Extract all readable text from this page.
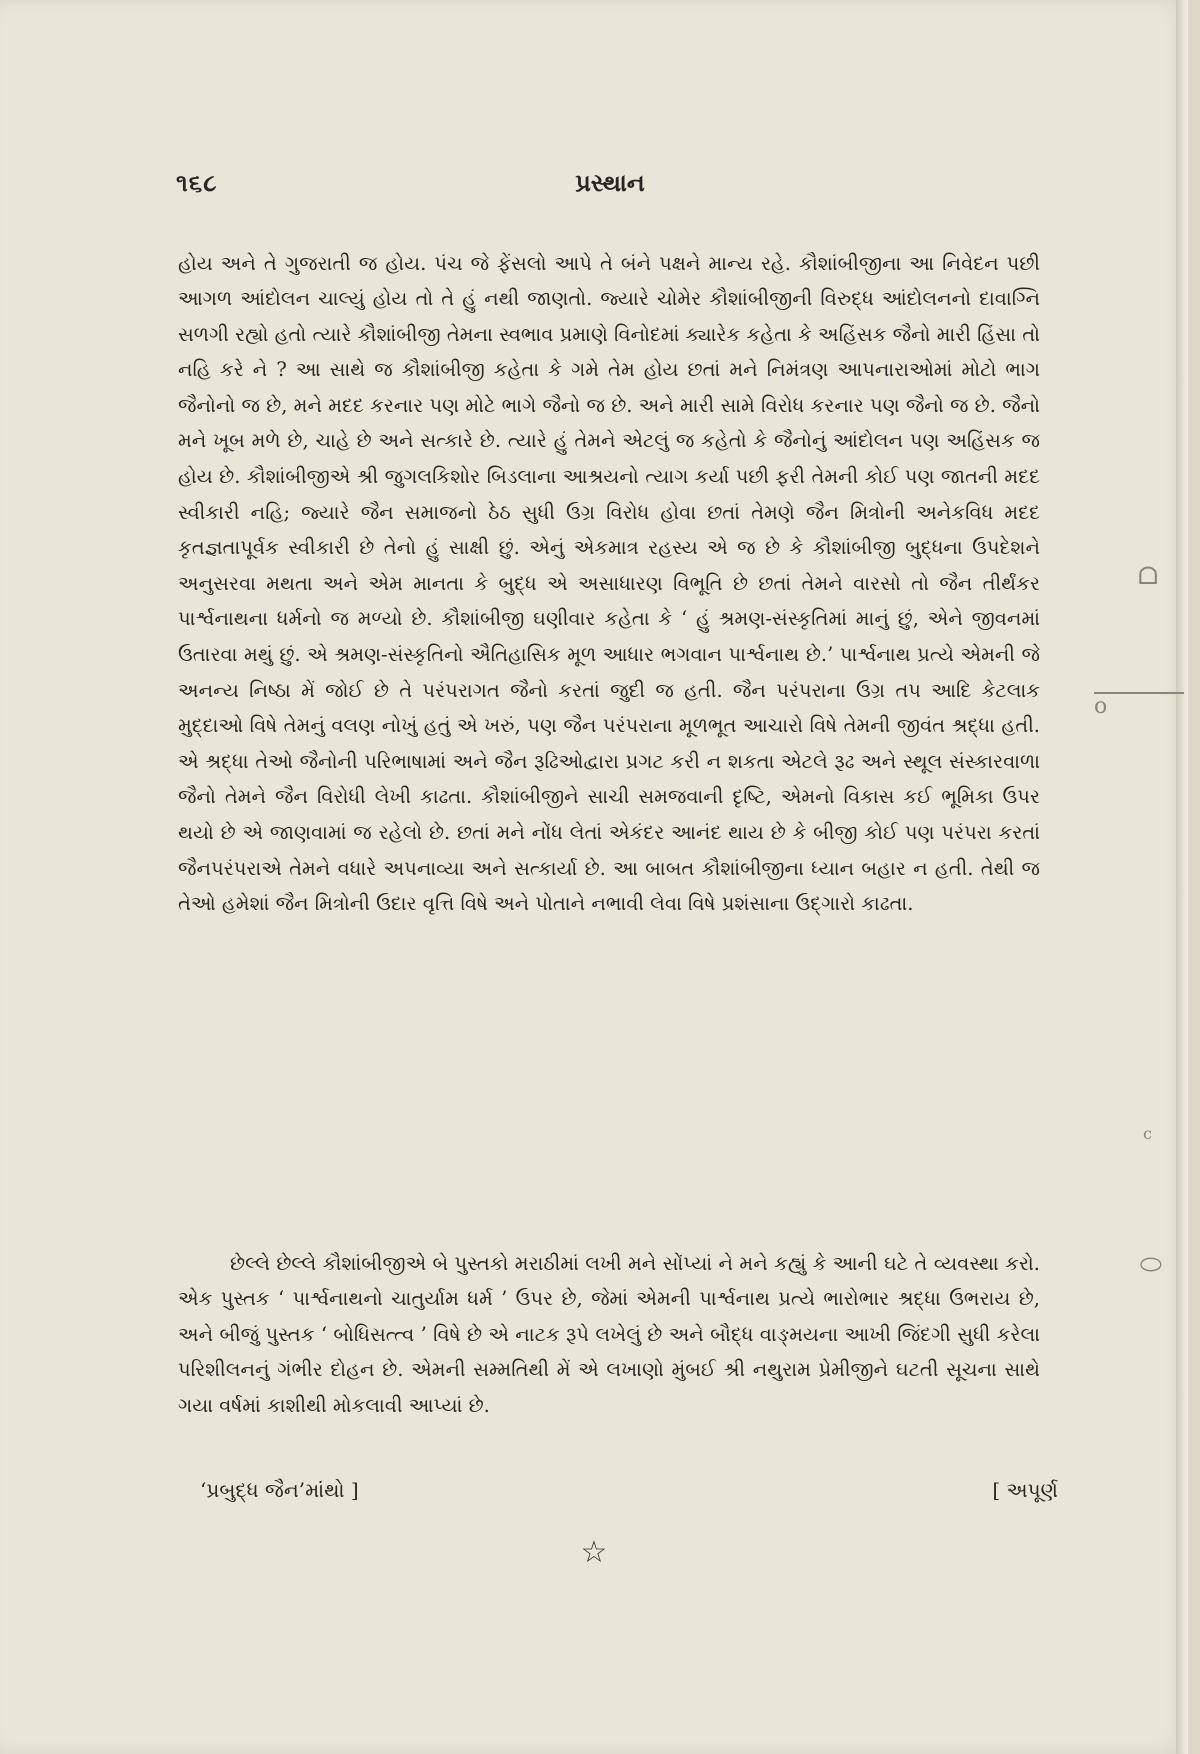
૧૬૮	પ્રસ્થાન

હોય અને તે ગુજરાતી જ હોય. પંચ જે ફેંસલો આપે તે બંને પક્ષને માન્ય રહે. કૌશાંબીજીના આ નિવેદન પછી આગળ આંદોલન ચાલ્યું હોય તો તે હું નથી જાણતો. જ્યારે ચોમેર કૌશાંબીજીની વિરુદ્ધ આંદોલનનો દાવાગ્નિ સળગી રહ્યો હતો ત્યારે કૌશાંબીજી તેમના સ્વભાવ પ્રમાણે વિનોદમાં ક્યારેક કહેતા કે અહિંસક જૈનો મારી હિંસા તો નહિ કરે ને ? આ સાથે જ કૌશાંબીજી કહેતા કે ગમે તેમ હોય છતાં મને નિમંત્રણ આપનારાઓમાં મોટો ભાગ જૈનોનો જ છે, મને મદદ કરનાર પણ મોટે ભાગે જૈનો જ છે. અને મારી સામે વિરોધ કરનાર પણ જૈનો જ છે. જૈનો મને ખૂબ મળે છે, ચાહે છે અને સત્કારે છે. ત્યારે હું તેમને એટલું જ કહેતો કે જૈનોનું આંદોલન પણ અહિંસક જ હોય છે. કૌશાંબીજીએ શ્રી જુગલકિશોર બિડલાના આશ્રયનો ત્યાગ કર્યા પછી ફરી તેમની કોઈ પણ જાતની મદદ સ્વીકારી નહિ; જ્યારે જૈન સમાજનો ઠેઠ સુધી ઉગ્ર વિરોધ હોવા છતાં તેમણે જૈન મિત્રોની અનેકવિધ મદદ કૃતજ્ઞતાપૂર્વક સ્વીકારી છે તેનો હું સાક્ષી છું. એનું એકમાત્ર રહસ્ય એ જ છે કે કૌશાંબીજી બુદ્ધના ઉપદેશને અનુસરવા મથતા અને એમ માનતા કે બુદ્ધ એ અસાધારણ વિભૂતિ છે છતાં તેમને વારસો તો જૈન તીર્થંકર પાર્શ્વનાથના ધર્મનો જ મળ્યો છે. કૌશાંબીજી ઘણીવાર કહેતા કે ‘ હું શ્રમણ-સંસ્કૃતિમાં માનું છું, એને જીવનમાં ઉતારવા મથું છું. એ શ્રમણ-સંસ્કૃતિનો ઐતિહાસિક મૂળ આધાર ભગવાન પાર્શ્વનાથ છે.’ પાર્શ્વનાથ પ્રત્યે એમની જે અનન્ય નિષ્ઠા મેં જોઈ છે તે પરંપરાગત જૈનો કરતાં જુદી જ હતી. જૈન પરંપરાના ઉગ્ર તપ આદિ કેટલાક મુદ્દાઓ વિષે તેમનું વલણ નોખું હતું એ ખરું, પણ જૈન પરંપરાના મૂળભૂત આચારો વિષે તેમની જીવંત શ્રદ્ધા હતી. એ શ્રદ્ધા તેઓ જૈનોની પરિભાષામાં અને જૈન રૂઢિઓદ્વારા પ્રગટ કરી ન શકતા એટલે રૂઢ અને સ્થૂલ સંસ્કારવાળા જૈનો તેમને જૈન વિરોધી લેખી કાઢતા. કૌશાંબીજીને સાચી સમજવાની દૃષ્ટિ, એમનો વિકાસ કઈ ભૂમિકા ઉપર થયો છે એ જાણવામાં જ રહેલો છે. છતાં મને નોંધ લેતાં એકંદર આનંદ થાય છે કે બીજી કોઈ પણ પરંપરા કરતાં જૈનપરંપરાએ તેમને વધારે અપનાવ્યા અને સત્કાર્યા છે. આ બાબત કૌશાંબીજીના ધ્યાન બહાર ન હતી. તેથી જ તેઓ હમેશાં જૈન મિત્રોની ઉદાર વૃત્તિ વિષે અને પોતાને નભાવી લેવા વિષે પ્રશંસાના ઉદ્ગારો કાઢતા.

છેલ્લે છેલ્લે કૌશાંબીજીએ બે પુસ્તકો મરાઠીમાં લખી મને સોંપ્યાં ને મને કહ્યું કે આની ઘટે તે વ્યવસ્થા કરો. એક પુસ્તક ‘ પાર્શ્વનાથનો ચાતુર્યામ ધર્મ ’ ઉપર છે, જેમાં એમની પાર્શ્વનાથ પ્રત્યે ભારોભાર શ્રદ્ધા ઉભરાય છે, અને બીજું પુસ્તક ‘ બોધિસત્ત્વ ’ વિષે છે એ નાટક રૂપે લખેલું છે અને બૌદ્ધ વાઙ્મયના આખી જિંદગી સુધી કરેલા પરિશીલનનું ગંભીર દોહન છે. એમની સમ્મતિથી મેં એ લખાણો મુંબઈ શ્રી નથુરામ પ્રેમીજીને ઘટતી સૂચના સાથે ગયા વર્ષમાં કાશીથી મોકલાવી આપ્યાં છે.

‘પ્રબુદ્ધ જૈન’માંથો ]	[ અપૂર્ણ
☆
ᗝ
o
c
⬭
